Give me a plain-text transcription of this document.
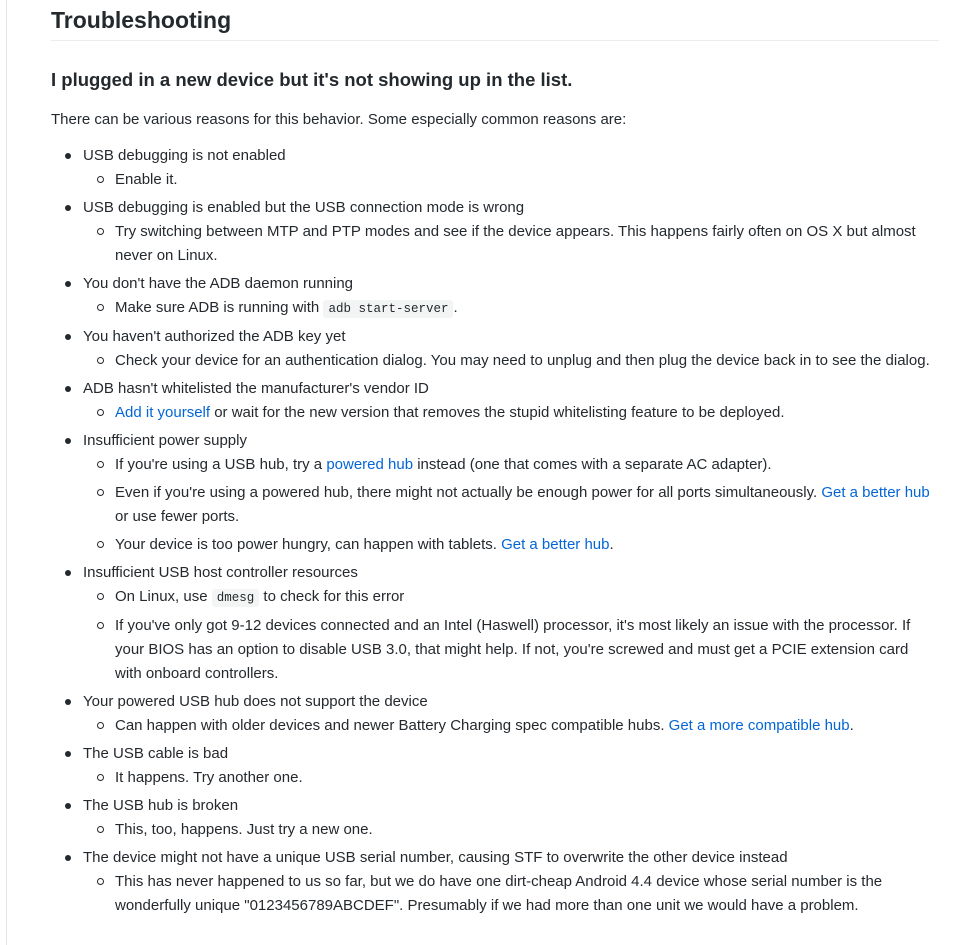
Troubleshooting
I plugged in a new device but it's not showing up in the list.

There can be various reasons for this behavior. Some especially common reasons are:

USB debugging is not enabled
Enable it.
USB debugging is enabled but the USB connection mode is wrong
Try switching between MTP and PTP modes and see if the device appears. This happens fairly often on OS X but almost never on Linux.
You don't have the ADB daemon running
Make sure ADB is running with adb start-server .
You haven't authorized the ADB key yet
Check your device for an authentication dialog. You may need to unplug and then plug the device back in to see the dialog.
ADB hasn't whitelisted the manufacturer's vendor ID
Add it yourself or wait for the new version that removes the stupid whitelisting feature to be deployed.
Insufficient power supply
If you're using a USB hub, try a powered hub instead (one that comes with a separate AC adapter).
Even if you're using a powered hub, there might not actually be enough power for all ports simultaneously. Get a better hub or use fewer ports.
Your device is too power hungry, can happen with tablets. Get a better hub.
Insufficient USB host controller resources
On Linux, use dmesg to check for this error
If you've only got 9-12 devices connected and an Intel (Haswell) processor, it's most likely an issue with the processor. If your BIOS has an option to disable USB 3.0, that might help. If not, you're screwed and must get a PCIE extension card with onboard controllers.
Your powered USB hub does not support the device
Can happen with older devices and newer Battery Charging spec compatible hubs. Get a more compatible hub.
The USB cable is bad
It happens. Try another one.
The USB hub is broken
This, too, happens. Just try a new one.
The device might not have a unique USB serial number, causing STF to overwrite the other device instead
This has never happened to us so far, but we do have one dirt-cheap Android 4.4 device whose serial number is the wonderfully unique "0123456789ABCDEF". Presumably if we had more than one unit we would have a problem.
